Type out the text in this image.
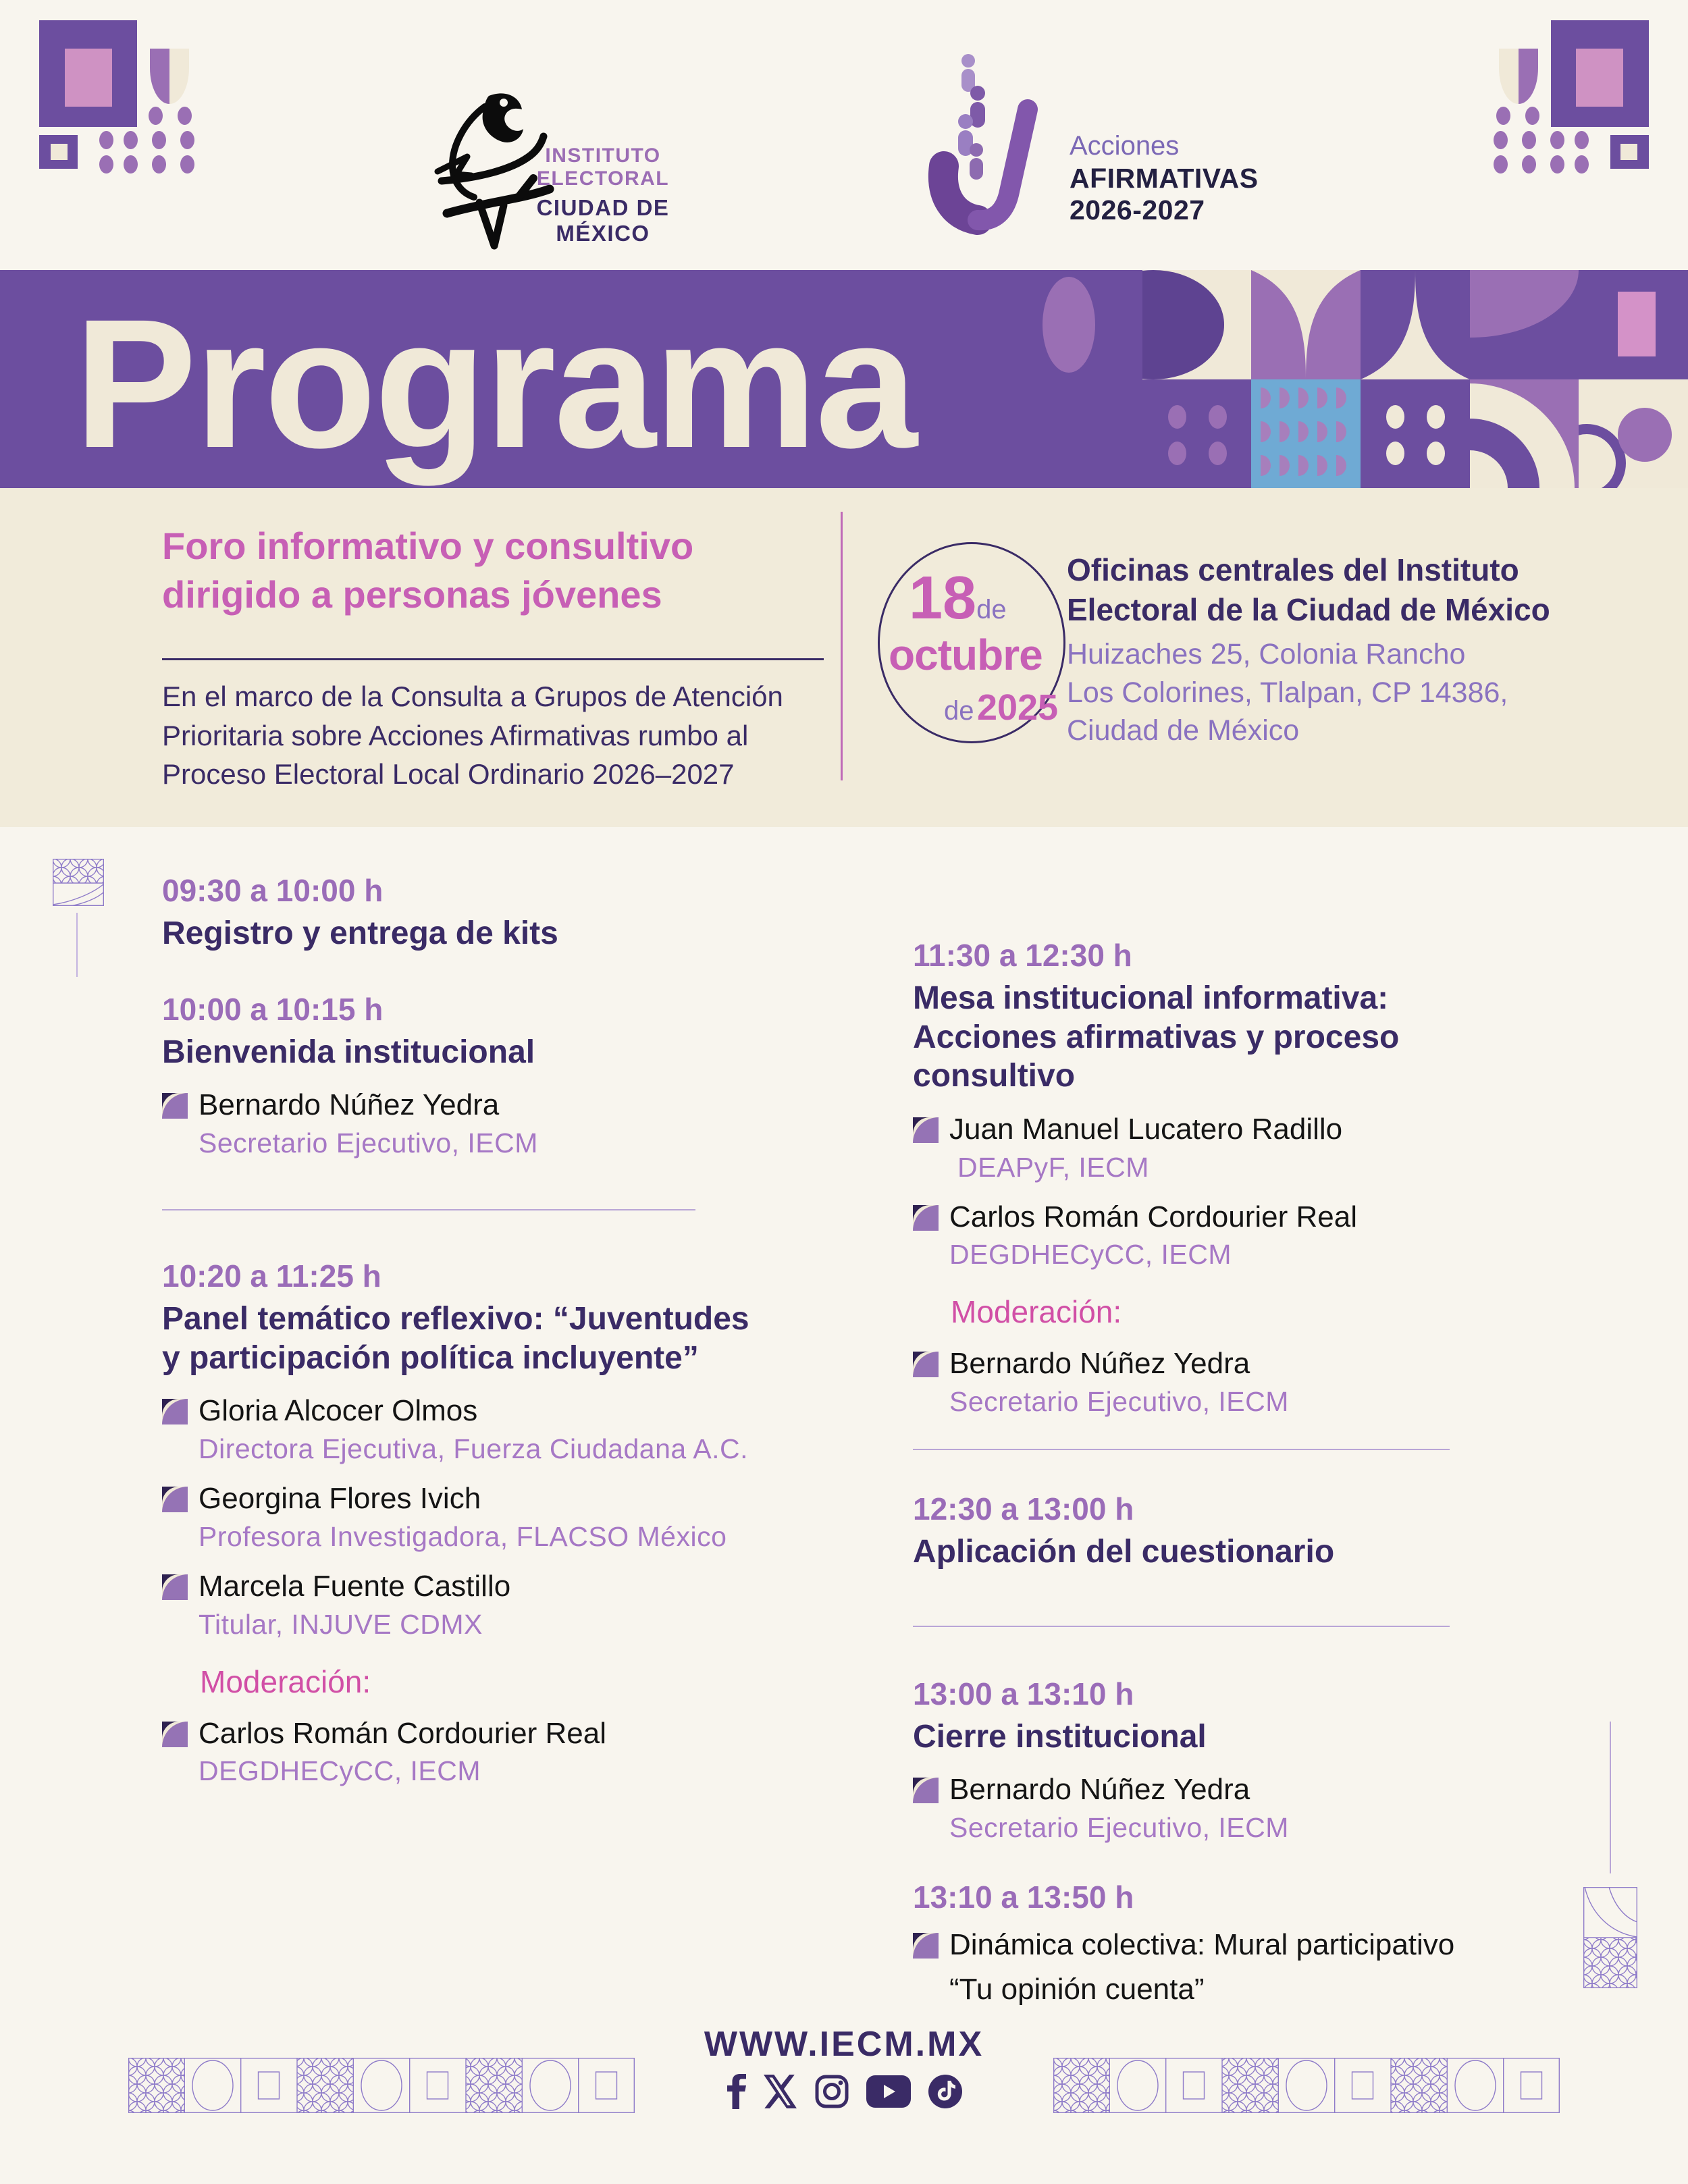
INSTITUTO ELECTORAL
CIUDAD DE MÉXICO
Acciones
AFIRMATIVAS
2026-2027
Programa
Foro informativo y consultivo
dirigido a personas jóvenes
En el marco de la Consulta a Grupos de Atención
Prioritaria sobre Acciones Afirmativas rumbo al
Proceso Electoral Local Ordinario 2026–2027
18de
octubre
de 2025
Oficinas centrales del Instituto
Electoral de la Ciudad de México
Huizaches 25, Colonia Rancho
Los Colorines, Tlalpan, CP 14386,
Ciudad de México
09:30 a 10:00 h
Registro y entrega de kits
10:00 a 10:15 h
Bienvenida institucional
Bernardo Núñez Yedra
Secretario Ejecutivo, IECM
10:20 a 11:25 h
Panel temático reflexivo: “Juventudes
y participación política incluyente”
Gloria Alcocer Olmos
Directora Ejecutiva, Fuerza Ciudadana A.C.
Georgina Flores Ivich
Profesora Investigadora, FLACSO México
Marcela Fuente Castillo
Titular, INJUVE CDMX
Moderación:
Carlos Román Cordourier Real
DEGDHECyCC, IECM
11:30 a 12:30 h
Mesa institucional informativa:
Acciones afirmativas y proceso
consultivo
Juan Manuel Lucatero Radillo
DEAPyF, IECM
Carlos Román Cordourier Real
DEGDHECyCC, IECM
Moderación:
Bernardo Núñez Yedra
Secretario Ejecutivo, IECM
12:30 a 13:00 h
Aplicación del cuestionario
13:00 a 13:10 h
Cierre institucional
Bernardo Núñez Yedra
Secretario Ejecutivo, IECM
13:10 a 13:50 h
Dinámica colectiva: Mural participativo
“Tu opinión cuenta”
WWW.IECM.MX
